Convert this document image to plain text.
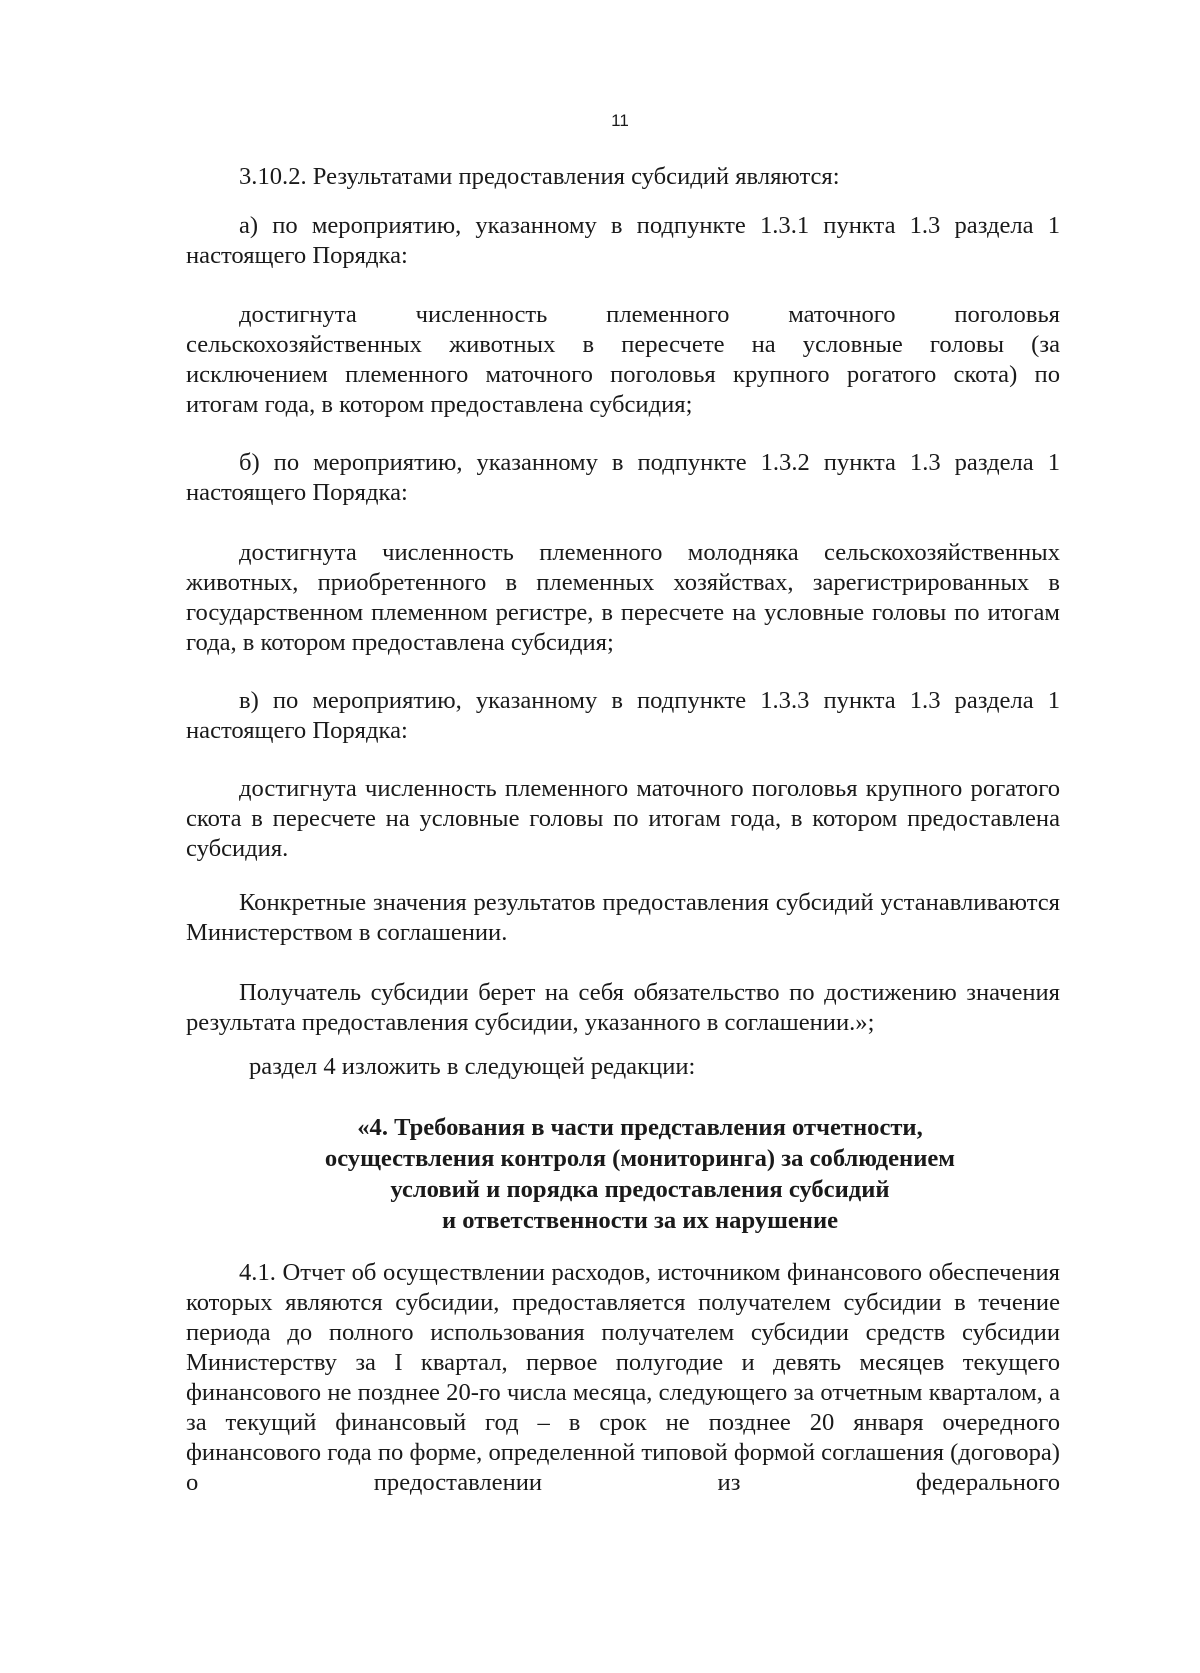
11

3.10.2. Результатами предоставления субсидий являются:

а) по мероприятию, указанному в подпункте 1.3.1 пункта 1.3 раздела 1 настоящего Порядка:

достигнута численность племенного маточного поголовья сельскохозяйственных животных в пересчете на условные головы (за исключением племенного маточного поголовья крупного рогатого скота) по итогам года, в котором предоставлена субсидия;

б) по мероприятию, указанному в подпункте 1.3.2 пункта 1.3 раздела 1 настоящего Порядка:

достигнута численность племенного молодняка сельскохозяйственных животных, приобретенного в племенных хозяйствах, зарегистрированных в государственном племенном регистре, в пересчете на условные головы по итогам года, в котором предоставлена субсидия;

в) по мероприятию, указанному в подпункте 1.3.3 пункта 1.3 раздела 1 настоящего Порядка:

достигнута численность племенного маточного поголовья крупного рогатого скота в пересчете на условные головы по итогам года, в котором предоставлена субсидия.

Конкретные значения результатов предоставления субсидий устанавливаются Министерством в соглашении.

Получатель субсидии берет на себя обязательство по достижению значения результата предоставления субсидии, указанного в соглашении.»;

раздел 4 изложить в следующей редакции:

«4. Требования в части представления отчетности,
осуществления контроля (мониторинга) за соблюдением
условий и порядка предоставления субсидий
и ответственности за их нарушение

4.1. Отчет об осуществлении расходов, источником финансового обеспечения которых являются субсидии, предоставляется получателем субсидии в течение периода до полного использования получателем субсидии средств субсидии Министерству за I квартал, первое полугодие и девять месяцев текущего финансового не позднее 20-го числа месяца, следующего за отчетным кварталом, а за текущий финансовый год – в срок не позднее 20 января очередного финансового года по форме, определенной типовой формой соглашения (договора) о предоставлении из федерального
